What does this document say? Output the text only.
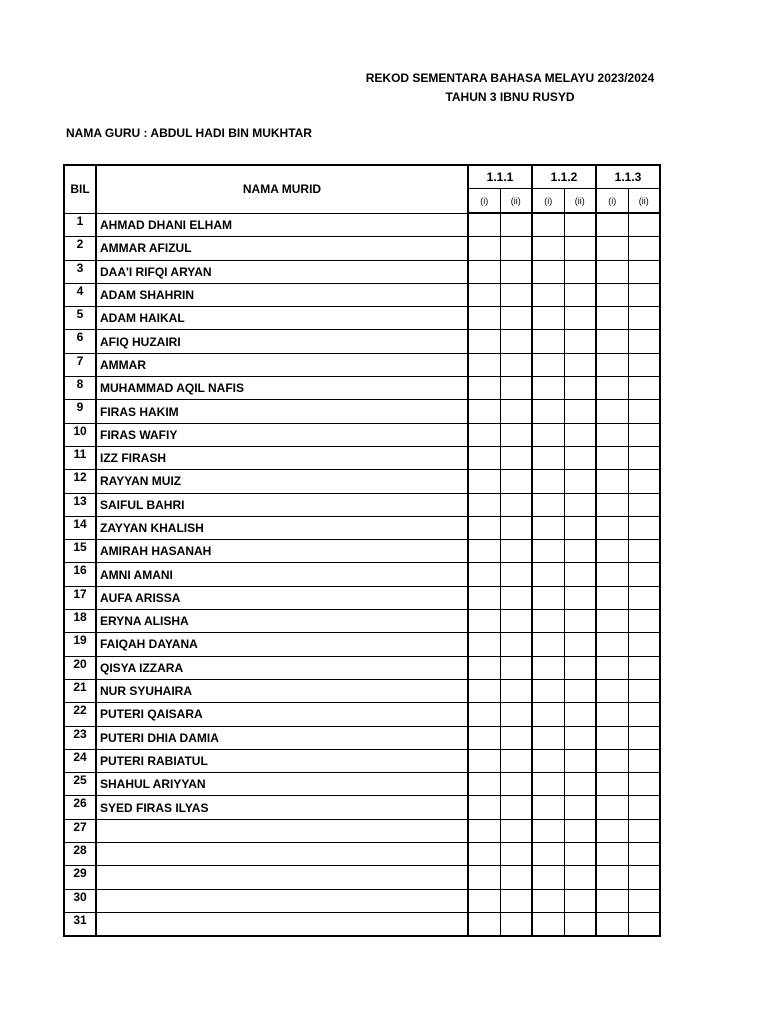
REKOD SEMENTARA BAHASA MELAYU 2023/2024
TAHUN 3 IBNU RUSYD
NAMA GURU : ABDUL HADI BIN MUKHTAR
BIL	NAMA MURID	1.1.1		1.1.2		1.1.3	
		(i)	(ii)	(i)	(ii)	(i)	(ii)
1	AHMAD DHANI ELHAM						
2	AMMAR AFIZUL						
3	DAA'I RIFQI ARYAN						
4	ADAM SHAHRIN						
5	ADAM HAIKAL						
6	AFIQ HUZAIRI						
7	AMMAR						
8	MUHAMMAD AQIL NAFIS						
9	FIRAS HAKIM						
10	FIRAS WAFIY						
11	IZZ FIRASH						
12	RAYYAN MUIZ						
13	SAIFUL BAHRI						
14	ZAYYAN KHALISH						
15	AMIRAH HASANAH						
16	AMNI AMANI						
17	AUFA ARISSA						
18	ERYNA ALISHA						
19	FAIQAH DAYANA						
20	QISYA IZZARA						
21	NUR SYUHAIRA						
22	PUTERI QAISARA						
23	PUTERI DHIA DAMIA						
24	PUTERI RABIATUL						
25	SHAHUL ARIYYAN						
26	SYED FIRAS ILYAS						
27							
28							
29							
30							
31							
